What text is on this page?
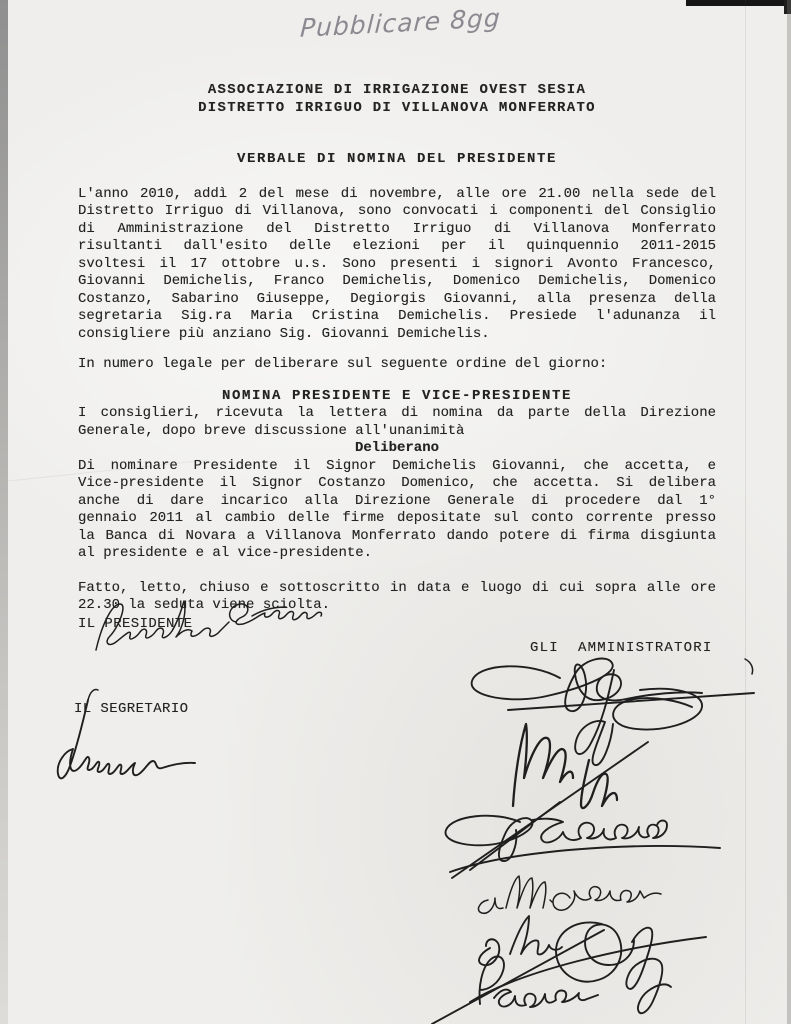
Pubblicare 8gg
ASSOCIAZIONE DI IRRIGAZIONE OVEST SESIA
DISTRETTO IRRIGUO DI VILLANOVA MONFERRATO
VERBALE DI NOMINA DEL PRESIDENTE
L'anno 2010, addì 2 del mese di novembre, alle ore 21.00 nella sede del
Distretto Irriguo di Villanova, sono convocati i componenti del Consiglio
di Amministrazione del Distretto Irriguo di Villanova Monferrato
risultanti dall'esito delle elezioni per il quinquennio 2011-2015
svoltesi il 17 ottobre u.s. Sono presenti i signori Avonto Francesco,
Giovanni Demichelis, Franco Demichelis, Domenico Demichelis, Domenico
Costanzo, Sabarino Giuseppe, Degiorgis Giovanni, alla presenza della
segretaria Sig.ra Maria Cristina Demichelis. Presiede l'adunanza il
consigliere più anziano Sig. Giovanni Demichelis.
In numero legale per deliberare sul seguente ordine del giorno:
NOMINA PRESIDENTE E VICE-PRESIDENTE
I consiglieri, ricevuta la lettera di nomina da parte della Direzione
Generale, dopo breve discussione all'unanimità
Deliberano
Di nominare Presidente il Signor Demichelis Giovanni, che accetta, e
Vice-presidente il Signor Costanzo Domenico, che accetta. Si delibera
anche di dare incarico alla Direzione Generale di procedere dal 1°
gennaio 2011 al cambio delle firme depositate sul conto corrente presso
la Banca di Novara a Villanova Monferrato dando potere di firma disgiunta
al presidente e al vice-presidente.
Fatto, letto, chiuso e sottoscritto in data e luogo di cui sopra alle ore
22.30 la seduta viene sciolta.
IL PRESIDENTE
GLI  AMMINISTRATORI
IL SEGRETARIO
